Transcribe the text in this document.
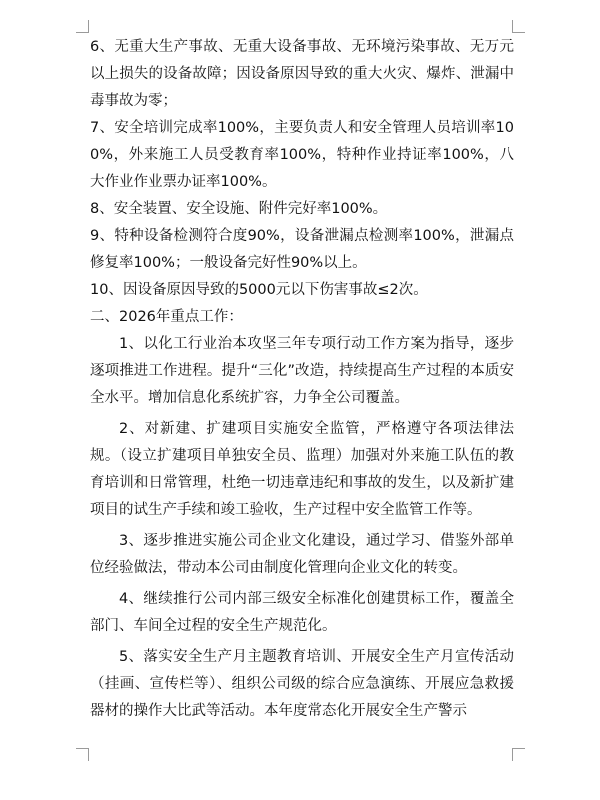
6、无重大生产事故、无重大设备事故、无环境污染事故、无万元以上损失的设备故障；因设备原因导致的重大火灾、爆炸、泄漏中毒事故为零；

7、安全培训完成率100%，主要负责人和安全管理人员培训率100%，外来施工人员受教育率100%，特种作业持证率100%，八大作业作业票办证率100%。

8、安全装置、安全设施、附件完好率100%。

9、特种设备检测符合度90%，设备泄漏点检测率100%，泄漏点修复率100%；一般设备完好性90%以上。

10、因设备原因导致的5000元以下伤害事故≤2次。

二、2026年重点工作：

1、以化工行业治本攻坚三年专项行动工作方案为指导，逐步逐项推进工作进程。提升“三化”改造，持续提高生产过程的本质安全水平。增加信息化系统扩容，力争全公司覆盖。

2、对新建、扩建项目实施安全监管，严格遵守各项法律法规。（设立扩建项目单独安全员、监理）加强对外来施工队伍的教育培训和日常管理，杜绝一切违章违纪和事故的发生，以及新扩建项目的试生产手续和竣工验收，生产过程中安全监管工作等。

3、逐步推进实施公司企业文化建设，通过学习、借鉴外部单位经验做法，带动本公司由制度化管理向企业文化的转变。

4、继续推行公司内部三级安全标准化创建贯标工作，覆盖全部门、车间全过程的安全生产规范化。

5、落实安全生产月主题教育培训、开展安全生产月宣传活动（挂画、宣传栏等）、组织公司级的综合应急演练、开展应急救援器材的操作大比武等活动。本年度常态化开展安全生产警示
